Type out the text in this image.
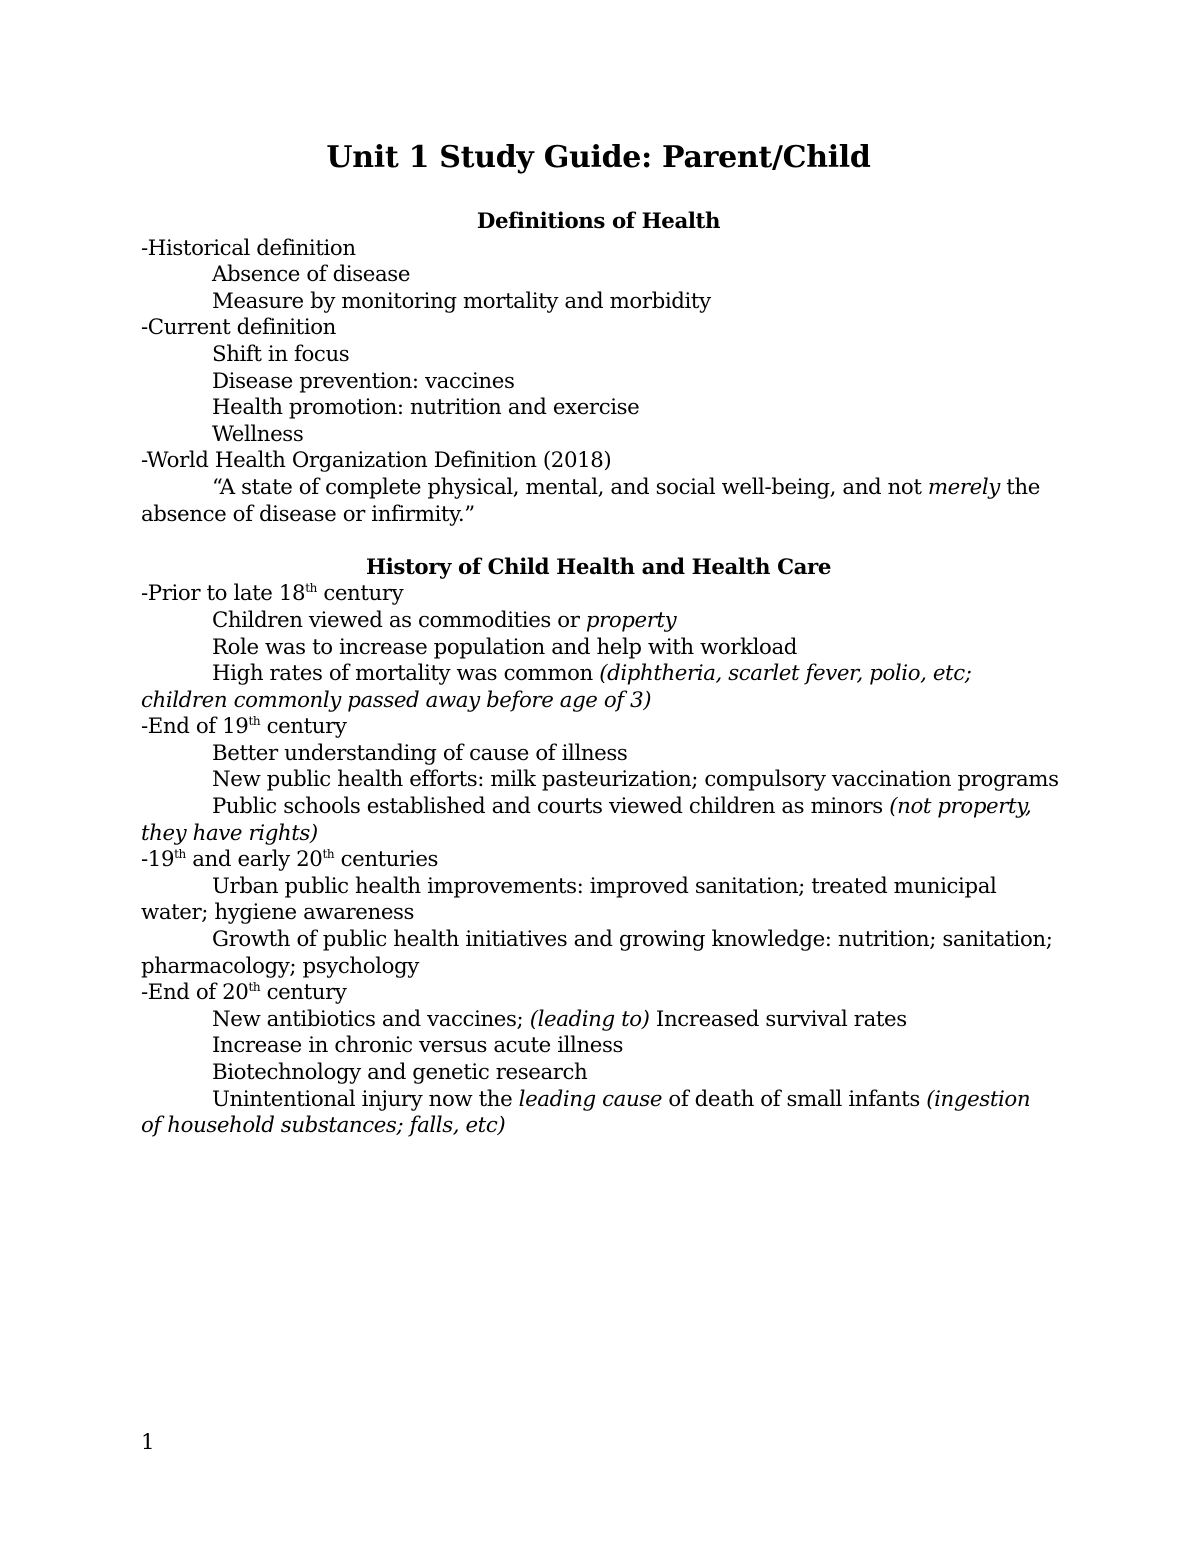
Unit 1 Study Guide: Parent/Child

Definitions of Health

-Historical definition

Absence of disease

Measure by monitoring mortality and morbidity

-Current definition

Shift in focus

Disease prevention: vaccines

Health promotion: nutrition and exercise

Wellness

-World Health Organization Definition (2018)

“A state of complete physical, mental, and social well-being, and not merely the absence of disease or infirmity.”

History of Child Health and Health Care

-Prior to late 18th century

Children viewed as commodities or property

Role was to increase population and help with workload

High rates of mortality was common (diphtheria, scarlet fever, polio, etc; children commonly passed away before age of 3)

-End of 19th century

Better understanding of cause of illness

New public health efforts: milk pasteurization; compulsory vaccination programs

Public schools established and courts viewed children as minors (not property, they have rights)

-19th and early 20th centuries

Urban public health improvements: improved sanitation; treated municipal water; hygiene awareness

Growth of public health initiatives and growing knowledge: nutrition; sanitation; pharmacology; psychology

-End of 20th century

New antibiotics and vaccines; (leading to) Increased survival rates

Increase in chronic versus acute illness

Biotechnology and genetic research

Unintentional injury now the leading cause of death of small infants (ingestion of household substances; falls, etc)

1
